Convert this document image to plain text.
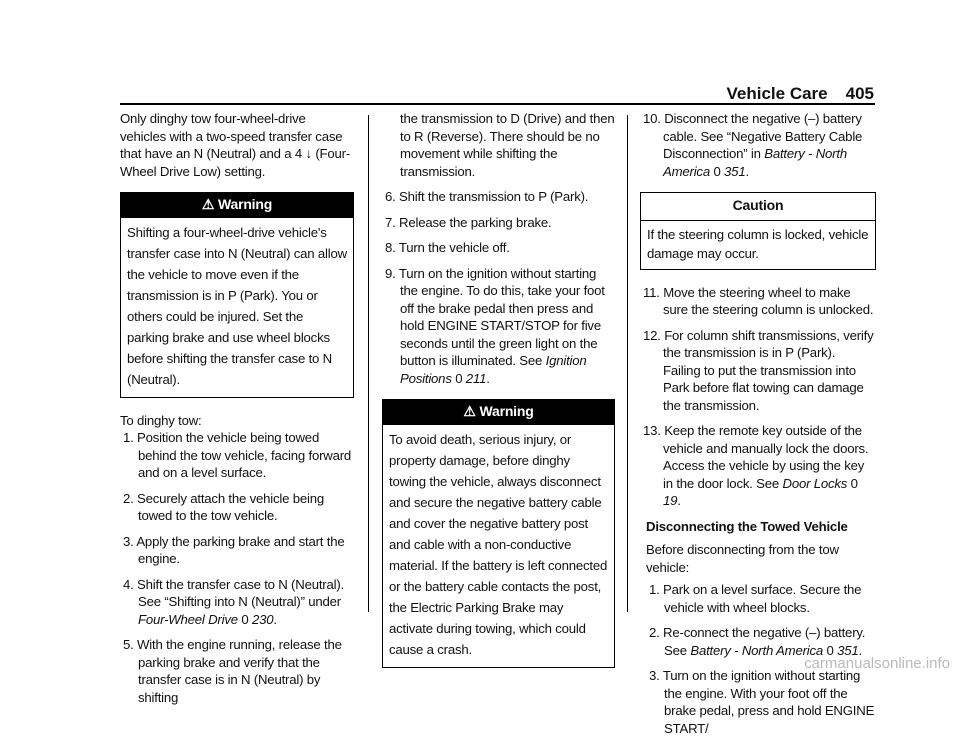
Vehicle Care 405

Only dinghy tow four-wheel-drive vehicles with a two-speed transfer case that have an N (Neutral) and a 4 ↓ (Four-Wheel Drive Low) setting.

⚠ Warning
Shifting a four-wheel-drive vehicle's transfer case into N (Neutral) can allow the vehicle to move even if the transmission is in P (Park). You or others could be injured. Set the parking brake and use wheel blocks before shifting the transfer case to N (Neutral).

To dinghy tow:

1. Position the vehicle being towed behind the tow vehicle, facing forward and on a level surface.

2. Securely attach the vehicle being towed to the tow vehicle.

3. Apply the parking brake and start the engine.

4. Shift the transfer case to N (Neutral). See “Shifting into N (Neutral)” under Four-Wheel Drive 0 230.

5. With the engine running, release the parking brake and verify that the transfer case is in N (Neutral) by shifting

the transmission to D (Drive) and then to R (Reverse). There should be no movement while shifting the transmission.

6. Shift the transmission to P (Park).

7. Release the parking brake.

8. Turn the vehicle off.

9. Turn on the ignition without starting the engine. To do this, take your foot off the brake pedal then press and hold ENGINE START/STOP for five seconds until the green light on the button is illuminated. See Ignition Positions 0 211.

⚠ Warning
To avoid death, serious injury, or property damage, before dinghy towing the vehicle, always disconnect and secure the negative battery cable and cover the negative battery post and cable with a non-conductive material. If the battery is left connected or the battery cable contacts the post, the Electric Parking Brake may activate during towing, which could cause a crash.

10. Disconnect the negative (–) battery cable. See “Negative Battery Cable Disconnection” in Battery - North America 0 351.

Caution
If the steering column is locked, vehicle damage may occur.

11. Move the steering wheel to make sure the steering column is unlocked.

12. For column shift transmissions, verify the transmission is in P (Park). Failing to put the transmission into Park before flat towing can damage the transmission.

13. Keep the remote key outside of the vehicle and manually lock the doors. Access the vehicle by using the key in the door lock. See Door Locks 0 19.

Disconnecting the Towed Vehicle

Before disconnecting from the tow vehicle:

1. Park on a level surface. Secure the vehicle with wheel blocks.

2. Re-connect the negative (–) battery. See Battery - North America 0 351.

3. Turn on the ignition without starting the engine. With your foot off the brake pedal, press and hold ENGINE START/

carmanualsonline.info
